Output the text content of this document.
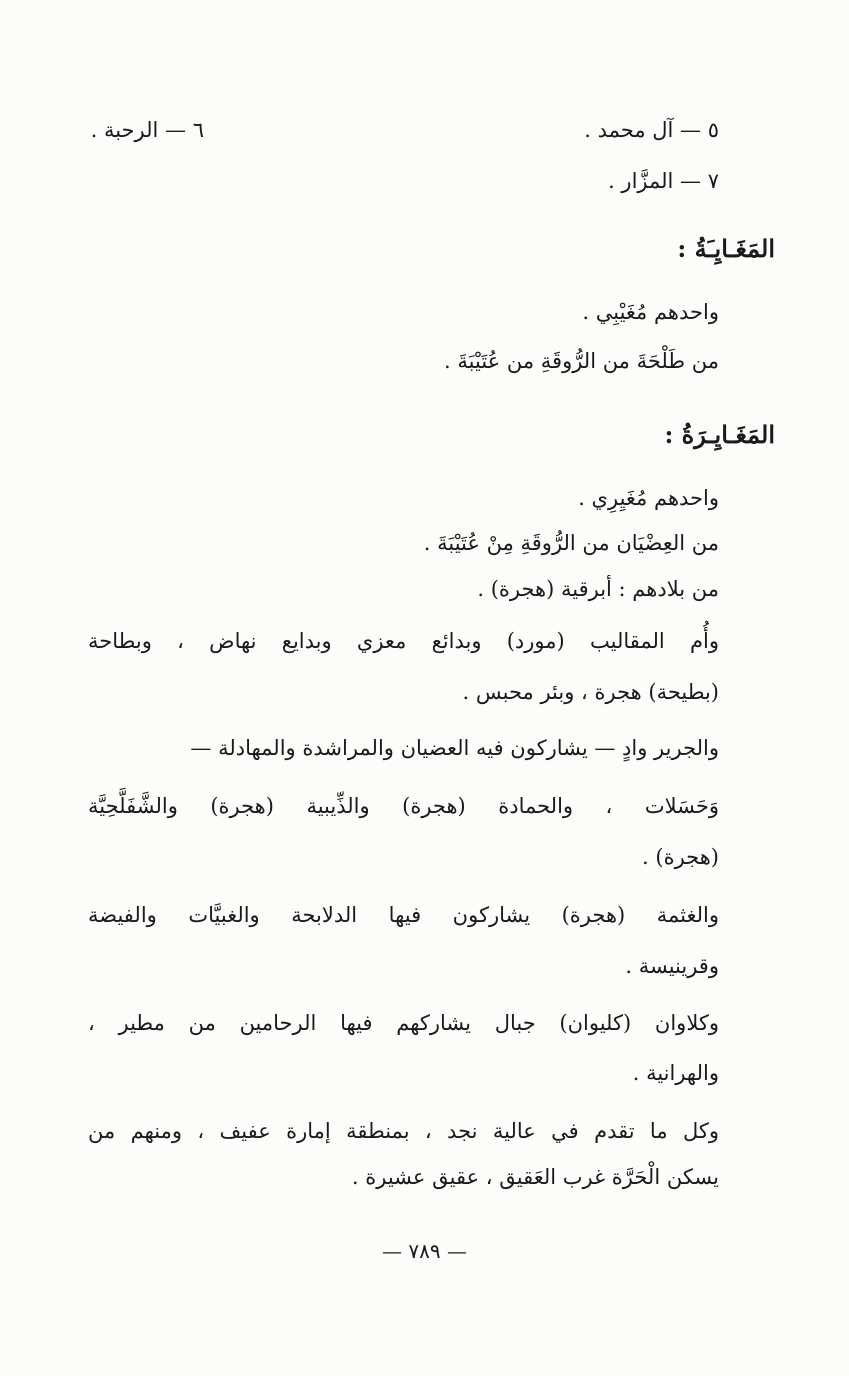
٥ — آل محمد .
٦ — الرحبة .
٧ — المزَّار .
المَغَـايِـَةُ :
واحدهم مُغَيْبِي .
من طَلْحَةَ من الرُّوقَةِ من عُتَيْبَةَ .
المَغَـايِـرَةُ :
واحدهم مُغَيِرِي .
من العِضْيَان من الرُّوقَةِ مِنْ عُتَيْبَةَ .
من بلادهم : أبرقية (هجرة) .
وأُم المقاليب (مورد) وبدائع معزي وبدايع نهاض ، وبطاحة
(بطيحة) هجرة ، وبئر محبس .
والجرير وادٍ — يشاركون فيه العضيان والمراشدة والمهادلة —
وَحَسَلات ، والحمادة (هجرة) والذِّيبية (هجرة) والشَّفَلَّحِيَّة
(هجرة) .
والغثمة (هجرة) يشاركون فيها الدلابحة والغبيَّات والفيضة
وقرينيسة .
وكلاوان (كليوان) جبال يشاركهم فيها الرحامين من مطير ،
والهرانية .
وكل ما تقدم في عالية نجد ، بمنطقة إمارة عفيف ، ومنهم من
يسكن الْحَرَّة غرب العَقيق ، عقيق عشيرة .
— ٧٨٩ —
